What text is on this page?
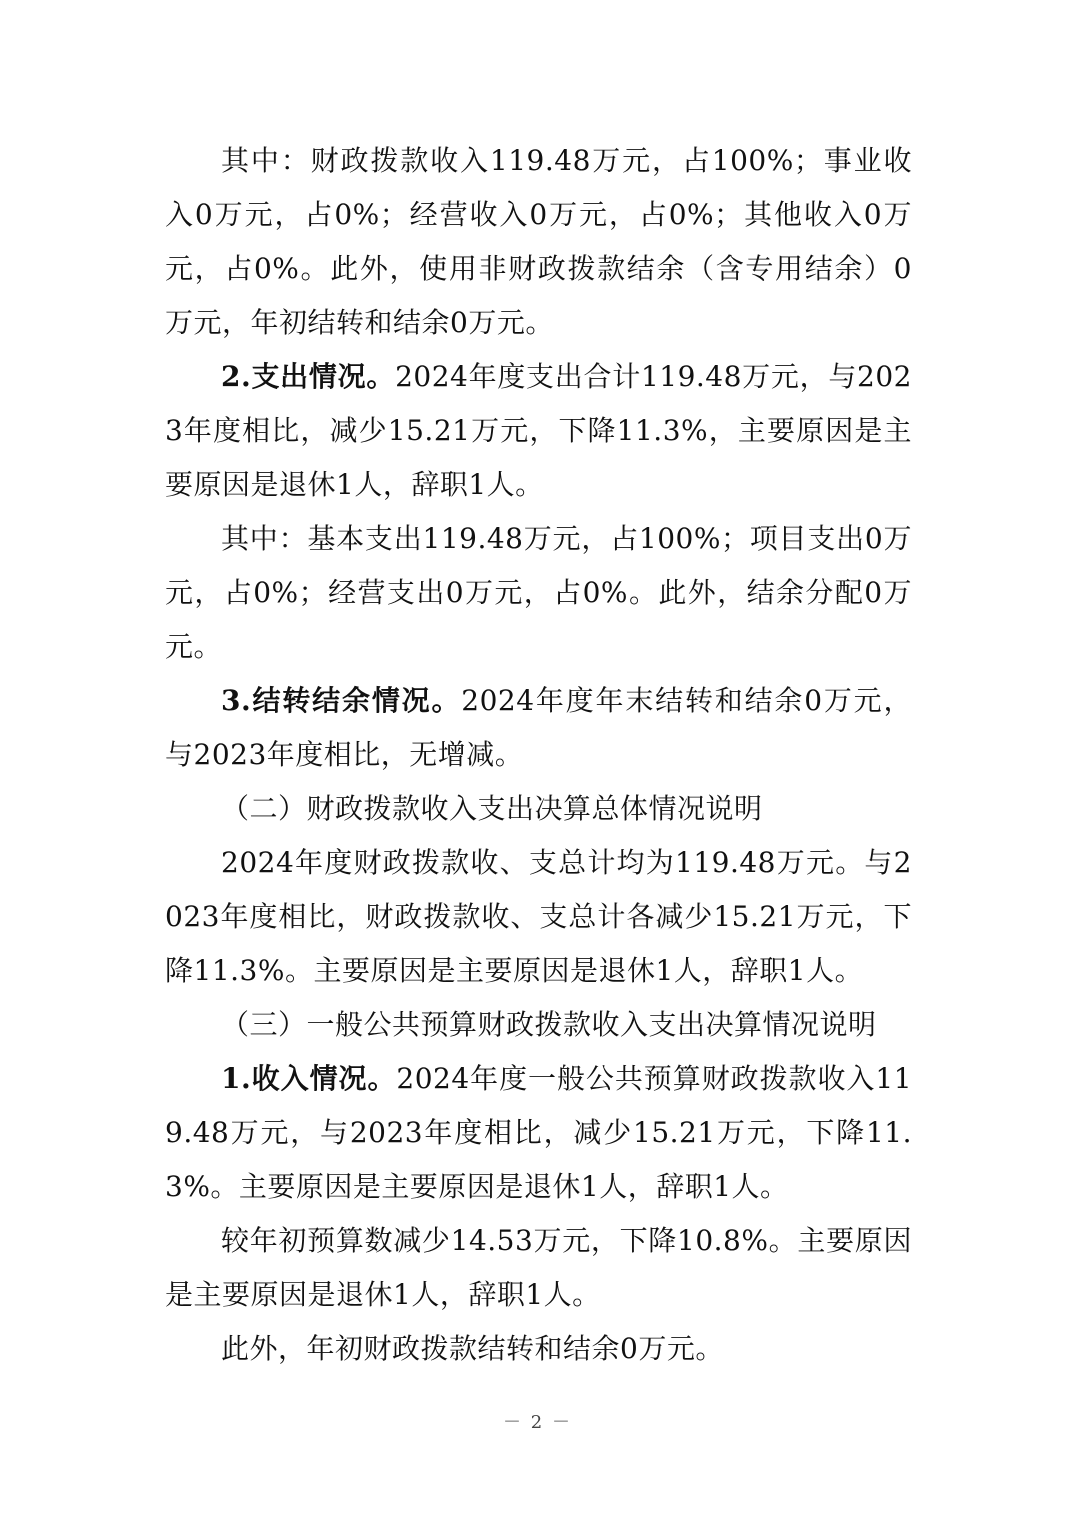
其中：财政拨款收入119.48万元，占100%；事业收入0万元，占0%；经营收入0万元，占0%；其他收入0万元，占0%。此外，使用非财政拨款结余（含专用结余）0万元，年初结转和结余0万元。

2.支出情况。2024年度支出合计119.48万元，与2023年度相比，减少15.21万元，下降11.3%，主要原因是主要原因是退休1人，辞职1人。

其中：基本支出119.48万元，占100%；项目支出0万元，占0%；经营支出0万元，占0%。此外，结余分配0万元。

3.结转结余情况。2024年度年末结转和结余0万元，与2023年度相比，无增减。

（二）财政拨款收入支出决算总体情况说明

2024年度财政拨款收、支总计均为119.48万元。与2023年度相比，财政拨款收、支总计各减少15.21万元，下降11.3%。主要原因是主要原因是退休1人，辞职1人。

（三）一般公共预算财政拨款收入支出决算情况说明

1.收入情况。2024年度一般公共预算财政拨款收入119.48万元，与2023年度相比，减少15.21万元，下降11.3%。主要原因是主要原因是退休1人，辞职1人。

较年初预算数减少14.53万元，下降10.8%。主要原因是主要原因是退休1人，辞职1人。

此外，年初财政拨款结转和结余0万元。

－ 2 －
